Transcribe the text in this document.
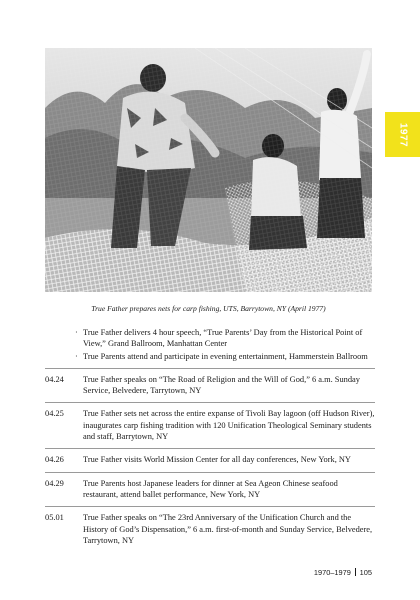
True Father prepares nets for carp fishing, UTS, Barrytown, NY (April 1977)
1977
· True Father delivers 4 hour speech, “True Parents’ Day from the Historical Point of View,” Grand Ballroom, Manhattan Center
· True Parents attend and participate in evening entertainment, Hammerstein Ballroom
04.24	True Father speaks on “The Road of Religion and the Will of God,” 6 a.m. Sunday Service, Belvedere, Tarrytown, NY
04.25	True Father sets net across the entire expanse of Tivoli Bay lagoon (off Hudson River), inaugurates carp fishing tradition with 120 Unification Theological Seminary students and staff, Barrytown, NY
04.26	True Father visits World Mission Center for all day conferences, New York, NY
04.29	True Parents host Japanese leaders for dinner at Sea Ageon Chinese seafood restaurant, attend ballet performance, New York, NY
05.01	True Father speaks on “The 23rd Anniversary of the Unification Church and the History of God’s Dispensation,” 6 a.m. first-of-month and Sunday Service, Belvedere, Tarrytown, NY
1970–1979 105
